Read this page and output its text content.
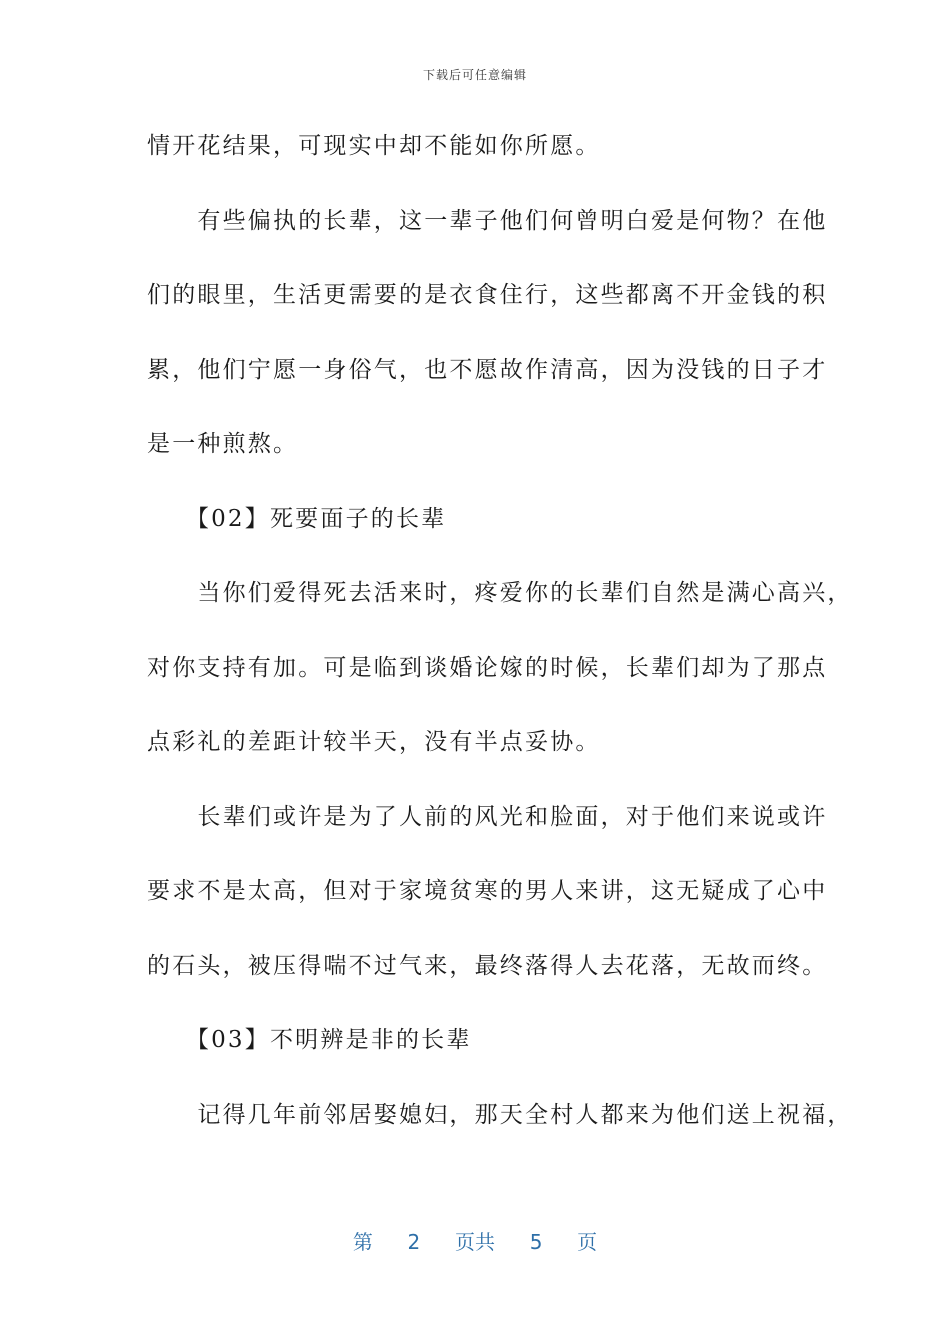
下载后可任意编辑
情开花结果，可现实中却不能如你所愿。
　　有些偏执的长辈，这一辈子他们何曾明白爱是何物？在他
们的眼里，生活更需要的是衣食住行，这些都离不开金钱的积
累，他们宁愿一身俗气，也不愿故作清高，因为没钱的日子才
是一种煎熬。
　　【02】死要面子的长辈
　　当你们爱得死去活来时，疼爱你的长辈们自然是满心高兴，
对你支持有加。可是临到谈婚论嫁的时候，长辈们却为了那点
点彩礼的差距计较半天，没有半点妥协。
　　长辈们或许是为了人前的风光和脸面，对于他们来说或许
要求不是太高，但对于家境贫寒的男人来讲，这无疑成了心中
的石头，被压得喘不过气来，最终落得人去花落，无故而终。
　　【03】不明辨是非的长辈
　　记得几年前邻居娶媳妇，那天全村人都来为他们送上祝福，
第 2 页共 5 页
